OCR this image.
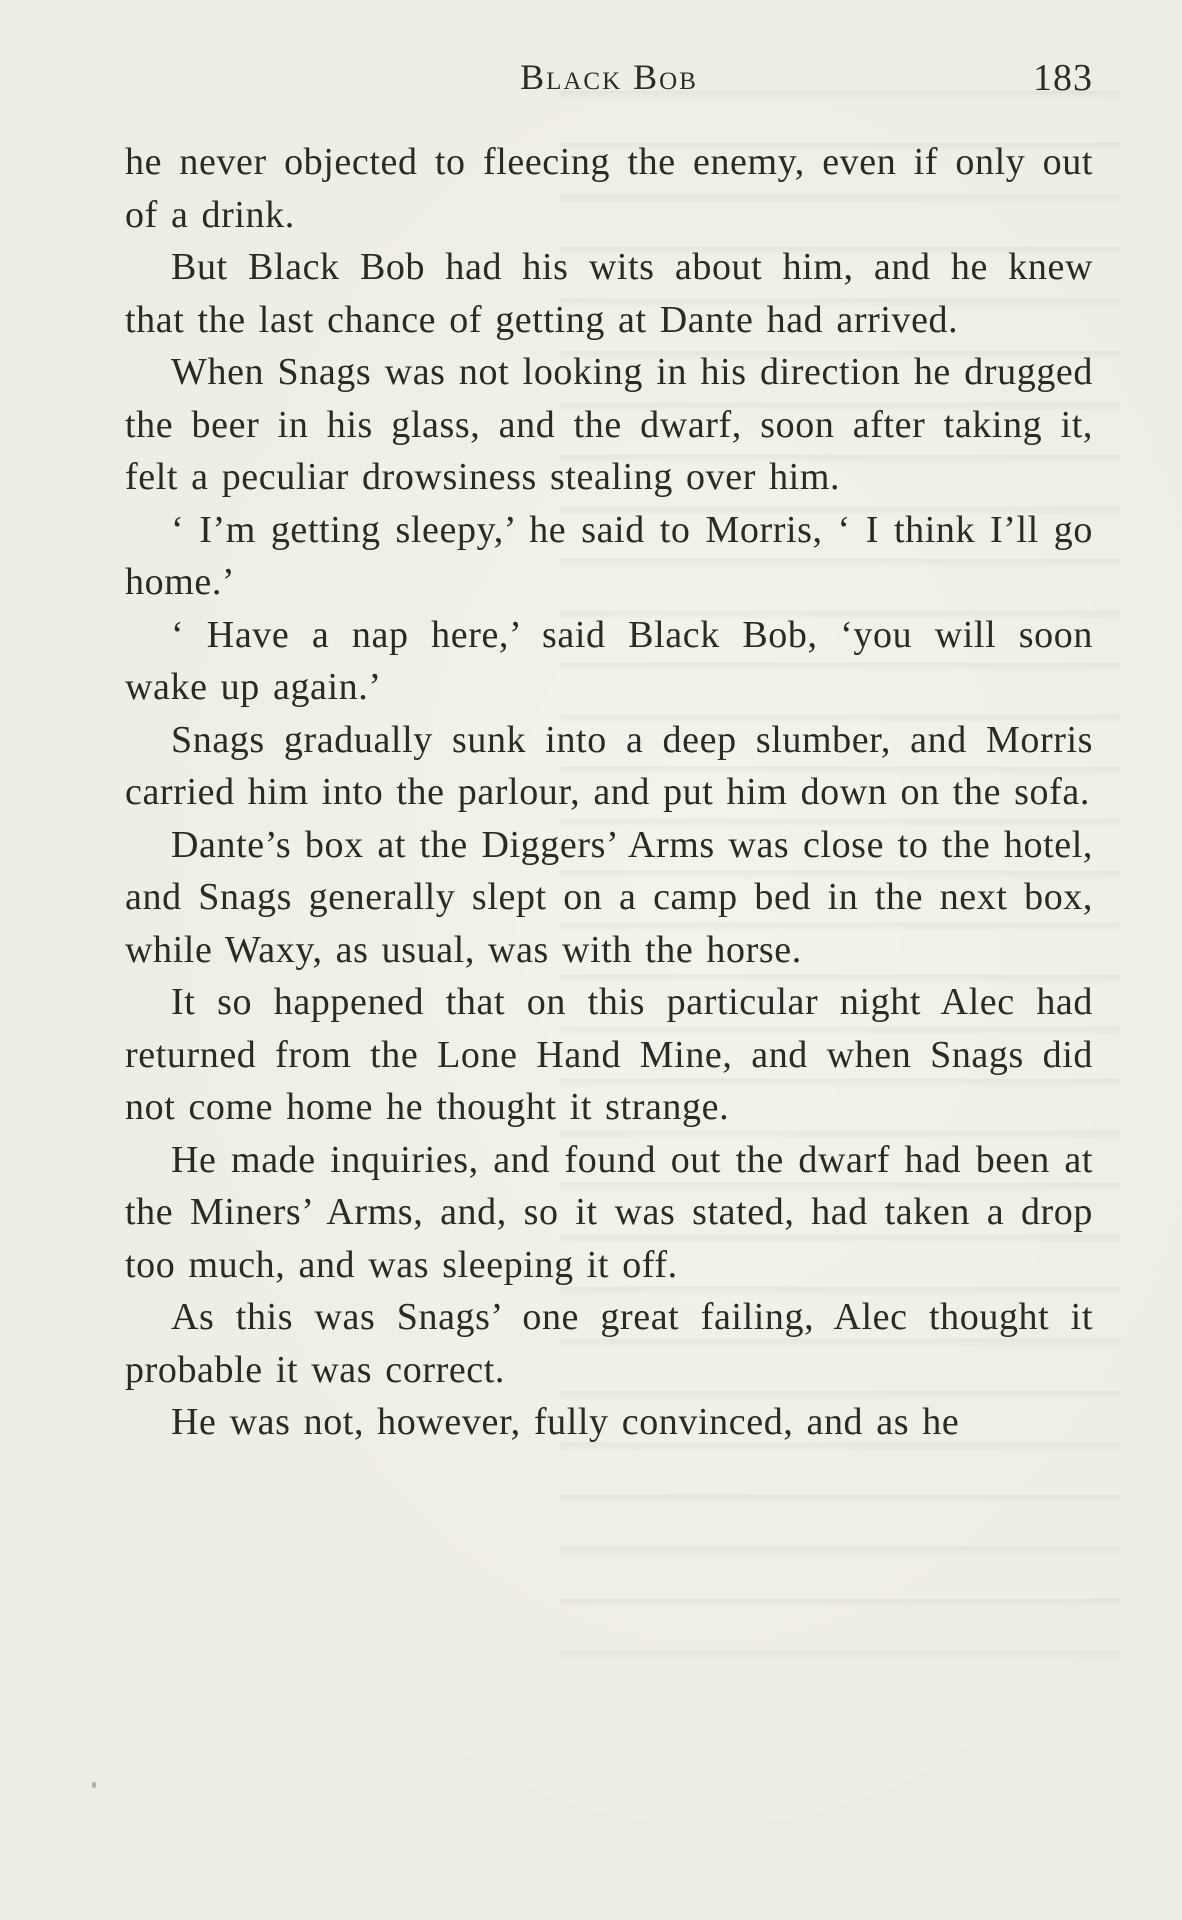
Black Bob	183

he never objected to fleecing the enemy, even if only out of a drink.

But Black Bob had his wits about him, and he knew that the last chance of getting at Dante had arrived.

When Snags was not looking in his direction he drugged the beer in his glass, and the dwarf, soon after taking it, felt a peculiar drowsiness stealing over him.

‘ I’m getting sleepy,’ he said to Morris, ‘ I think I’ll go home.’

‘ Have a nap here,’ said Black Bob, ‘you will soon wake up again.’

Snags gradually sunk into a deep slumber, and Morris carried him into the parlour, and put him down on the sofa.

Dante’s box at the Diggers’ Arms was close to the hotel, and Snags generally slept on a camp bed in the next box, while Waxy, as usual, was with the horse.

It so happened that on this particular night Alec had returned from the Lone Hand Mine, and when Snags did not come home he thought it strange.

He made inquiries, and found out the dwarf had been at the Miners’ Arms, and, so it was stated, had taken a drop too much, and was sleeping it off.

As this was Snags’ one great failing, Alec thought it probable it was correct.

He was not, however, fully convinced, and as he
